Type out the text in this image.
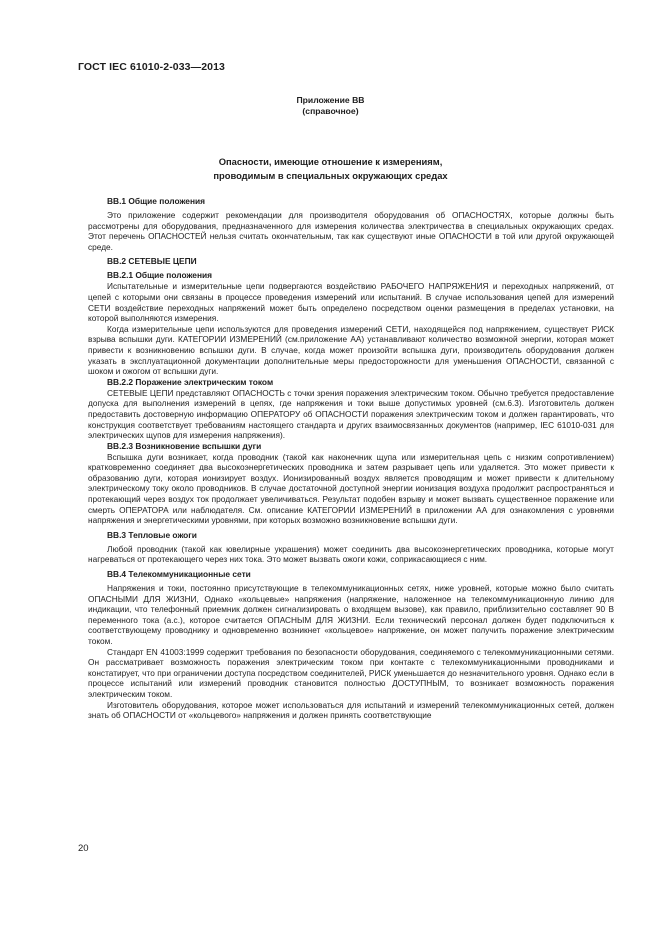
ГОСТ IEC 61010-2-033—2013
Приложение ВВ
(справочное)
Опасности, имеющие отношение к измерениям,
проводимым в специальных окружающих средах
ВВ.1 Общие положения

Это приложение содержит рекомендации для производителя оборудования об ОПАСНОСТЯХ, которые должны быть рассмотрены для оборудования, предназначенного для измерения количества электричества в специальных окружающих средах. Этот перечень ОПАСНОСТЕЙ нельзя считать окончательным, так как существуют иные ОПАСНОСТИ в той или другой окружающей среде.

ВВ.2 СЕТЕВЫЕ ЦЕПИ
ВВ.2.1 Общие положения

Испытательные и измерительные цепи подвергаются воздействию РАБОЧЕГО НАПРЯЖЕНИЯ и переходных напряжений, от цепей с которыми они связаны в процессе проведения измерений или испытаний. В случае использования цепей для измерений СЕТИ воздействие переходных напряжений может быть определено посредством оценки размещения в пределах установки, на которой выполняются измерения.

Когда измерительные цепи используются для проведения измерений СЕТИ, находящейся под напряжением, существует РИСК взрыва вспышки дуги. КАТЕГОРИИ ИЗМЕРЕНИЙ (см.приложение АА) устанавливают количество возможной энергии, которая может привести к возникновению вспышки дуги. В случае, когда может произойти вспышка дуги, производитель оборудования должен указать в эксплуатационной документации дополнительные меры предосторожности для уменьшения ОПАСНОСТИ, связанной с шоком и ожогом от вспышки дуги.

ВВ.2.2 Поражение электрическим током

СЕТЕВЫЕ ЦЕПИ представляют ОПАСНОСТЬ с точки зрения поражения электрическим током. Обычно требуется предоставление допуска для выполнения измерений в цепях, где напряжения и токи выше допустимых уровней (см.6.3). Изготовитель должен предоставить достоверную информацию ОПЕРАТОРУ об ОПАСНОСТИ поражения электрическим током и должен гарантировать, что конструкция соответствует требованиям настоящего стандарта и других взаимосвязанных документов (например, IEC 61010-031 для электрических щупов для измерения напряжения).

ВВ.2.3 Возникновение вспышки дуги

Вспышка дуги возникает, когда проводник (такой как наконечник щупа или измерительная цепь с низким сопротивлением) кратковременно соединяет два высокоэнергетических проводника и затем разрывает цепь или удаляется. Это может привести к образованию дуги, которая ионизирует воздух. Ионизированный воздух является проводящим и может привести к длительному электрическому току около проводников. В случае достаточной доступной энергии ионизация воздуха продолжит распространяться и протекающий через воздух ток продолжает увеличиваться. Результат подобен взрыву и может вызвать существенное поражение или смерть ОПЕРАТОРА или наблюдателя. См. описание КАТЕГОРИИ ИЗМЕРЕНИЙ в приложении АА для ознакомления с уровнями напряжения и энергетическими уровнями, при которых возможно возникновение вспышки дуги.

ВВ.3 Тепловые ожоги

Любой проводник (такой как ювелирные украшения) может соединить два высокоэнергетических проводника, которые могут нагреваться от протекающего через них тока. Это может вызвать ожоги кожи, соприкасающиеся с ним.

ВВ.4 Телекоммуникационные сети

Напряжения и токи, постоянно присутствующие в телекоммуникационных сетях, ниже уровней, которые можно было считать ОПАСНЫМИ ДЛЯ ЖИЗНИ, Однако «кольцевые» напряжения (напряжение, наложенное на телекоммуникационную линию для индикации, что телефонный приемник должен сигнализировать о входящем вызове), как правило, приблизительно составляет 90 В переменного тока (а.с.), которое считается ОПАСНЫМ ДЛЯ ЖИЗНИ. Если технический персонал должен будет подключиться к соответствующему проводнику и одновременно возникнет «кольцевое» напряжение, он может получить поражение электрическим током.

Стандарт EN 41003:1999 содержит требования по безопасности оборудования, соединяемого с телекоммуникационными сетями. Он рассматривает возможность поражения электрическим током при контакте с телекоммуникационными проводниками и констатирует, что при ограничении доступа посредством соединителей, РИСК уменьшается до незначительного уровня. Однако если в процессе испытаний или измерений проводник становится полностью ДОСТУПНЫМ, то возникает возможность поражения электрическим током.

Изготовитель оборудования, которое может использоваться для испытаний и измерений телекоммуникационных сетей, должен знать об ОПАСНОСТИ от «кольцевого» напряжения и должен принять соответствующие

20
